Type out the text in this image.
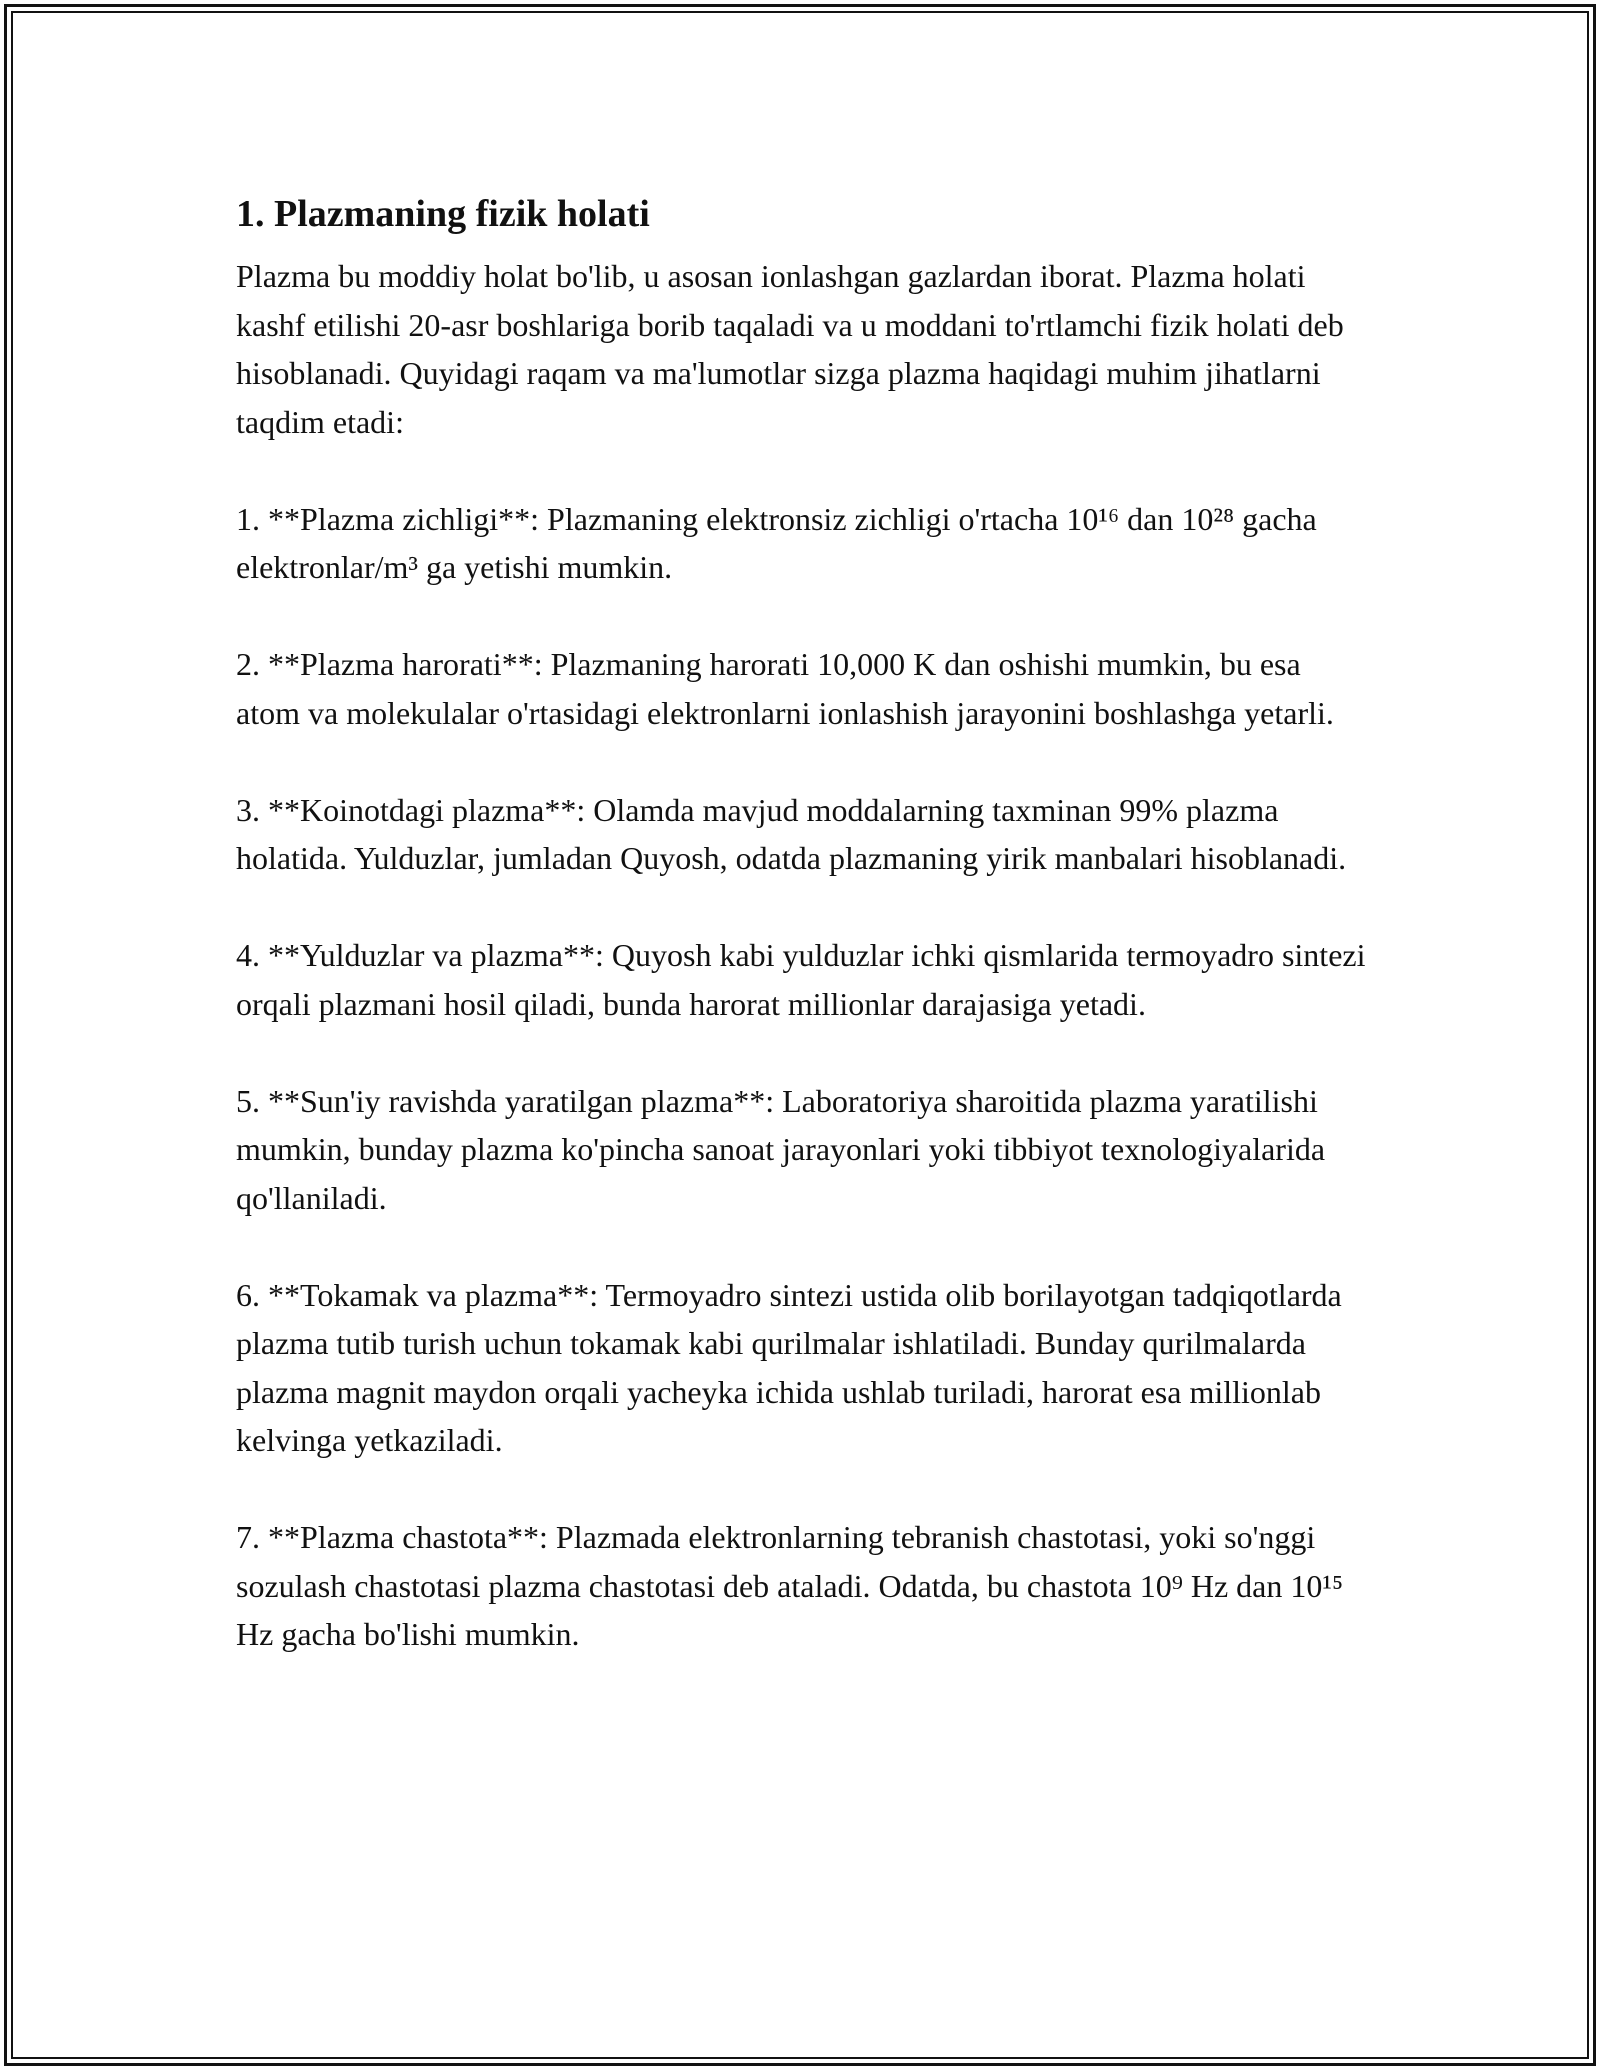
1. Plazmaning fizik holati

Plazma bu moddiy holat bo'lib, u asosan ionlashgan gazlardan iborat. Plazma holati kashf etilishi 20-asr boshlariga borib taqaladi va u moddani to'rtlamchi fizik holati deb hisoblanadi. Quyidagi raqam va ma'lumotlar sizga plazma haqidagi muhim jihatlarni taqdim etadi:

1. **Plazma zichligi**: Plazmaning elektronsiz zichligi o'rtacha 10¹⁶ dan 10²⁸ gacha elektronlar/m³ ga yetishi mumkin.

2. **Plazma harorati**: Plazmaning harorati 10,000 K dan oshishi mumkin, bu esa atom va molekulalar o'rtasidagi elektronlarni ionlashish jarayonini boshlashga yetarli.

3. **Koinotdagi plazma**: Olamda mavjud moddalarning taxminan 99% plazma holatida. Yulduzlar, jumladan Quyosh, odatda plazmaning yirik manbalari hisoblanadi.

4. **Yulduzlar va plazma**: Quyosh kabi yulduzlar ichki qismlarida termoyadro sintezi orqali plazmani hosil qiladi, bunda harorat millionlar darajasiga yetadi.

5. **Sun'iy ravishda yaratilgan plazma**: Laboratoriya sharoitida plazma yaratilishi mumkin, bunday plazma ko'pincha sanoat jarayonlari yoki tibbiyot texnologiyalarida qo'llaniladi.

6. **Tokamak va plazma**: Termoyadro sintezi ustida olib borilayotgan tadqiqotlarda plazma tutib turish uchun tokamak kabi qurilmalar ishlatiladi. Bunday qurilmalarda plazma magnit maydon orqali yacheyka ichida ushlab turiladi, harorat esa millionlab kelvinga yetkaziladi.

7. **Plazma chastota**: Plazmada elektronlarning tebranish chastotasi, yoki so'nggi sozulash chastotasi plazma chastotasi deb ataladi. Odatda, bu chastota 10⁹ Hz dan 10¹⁵ Hz gacha bo'lishi mumkin.
